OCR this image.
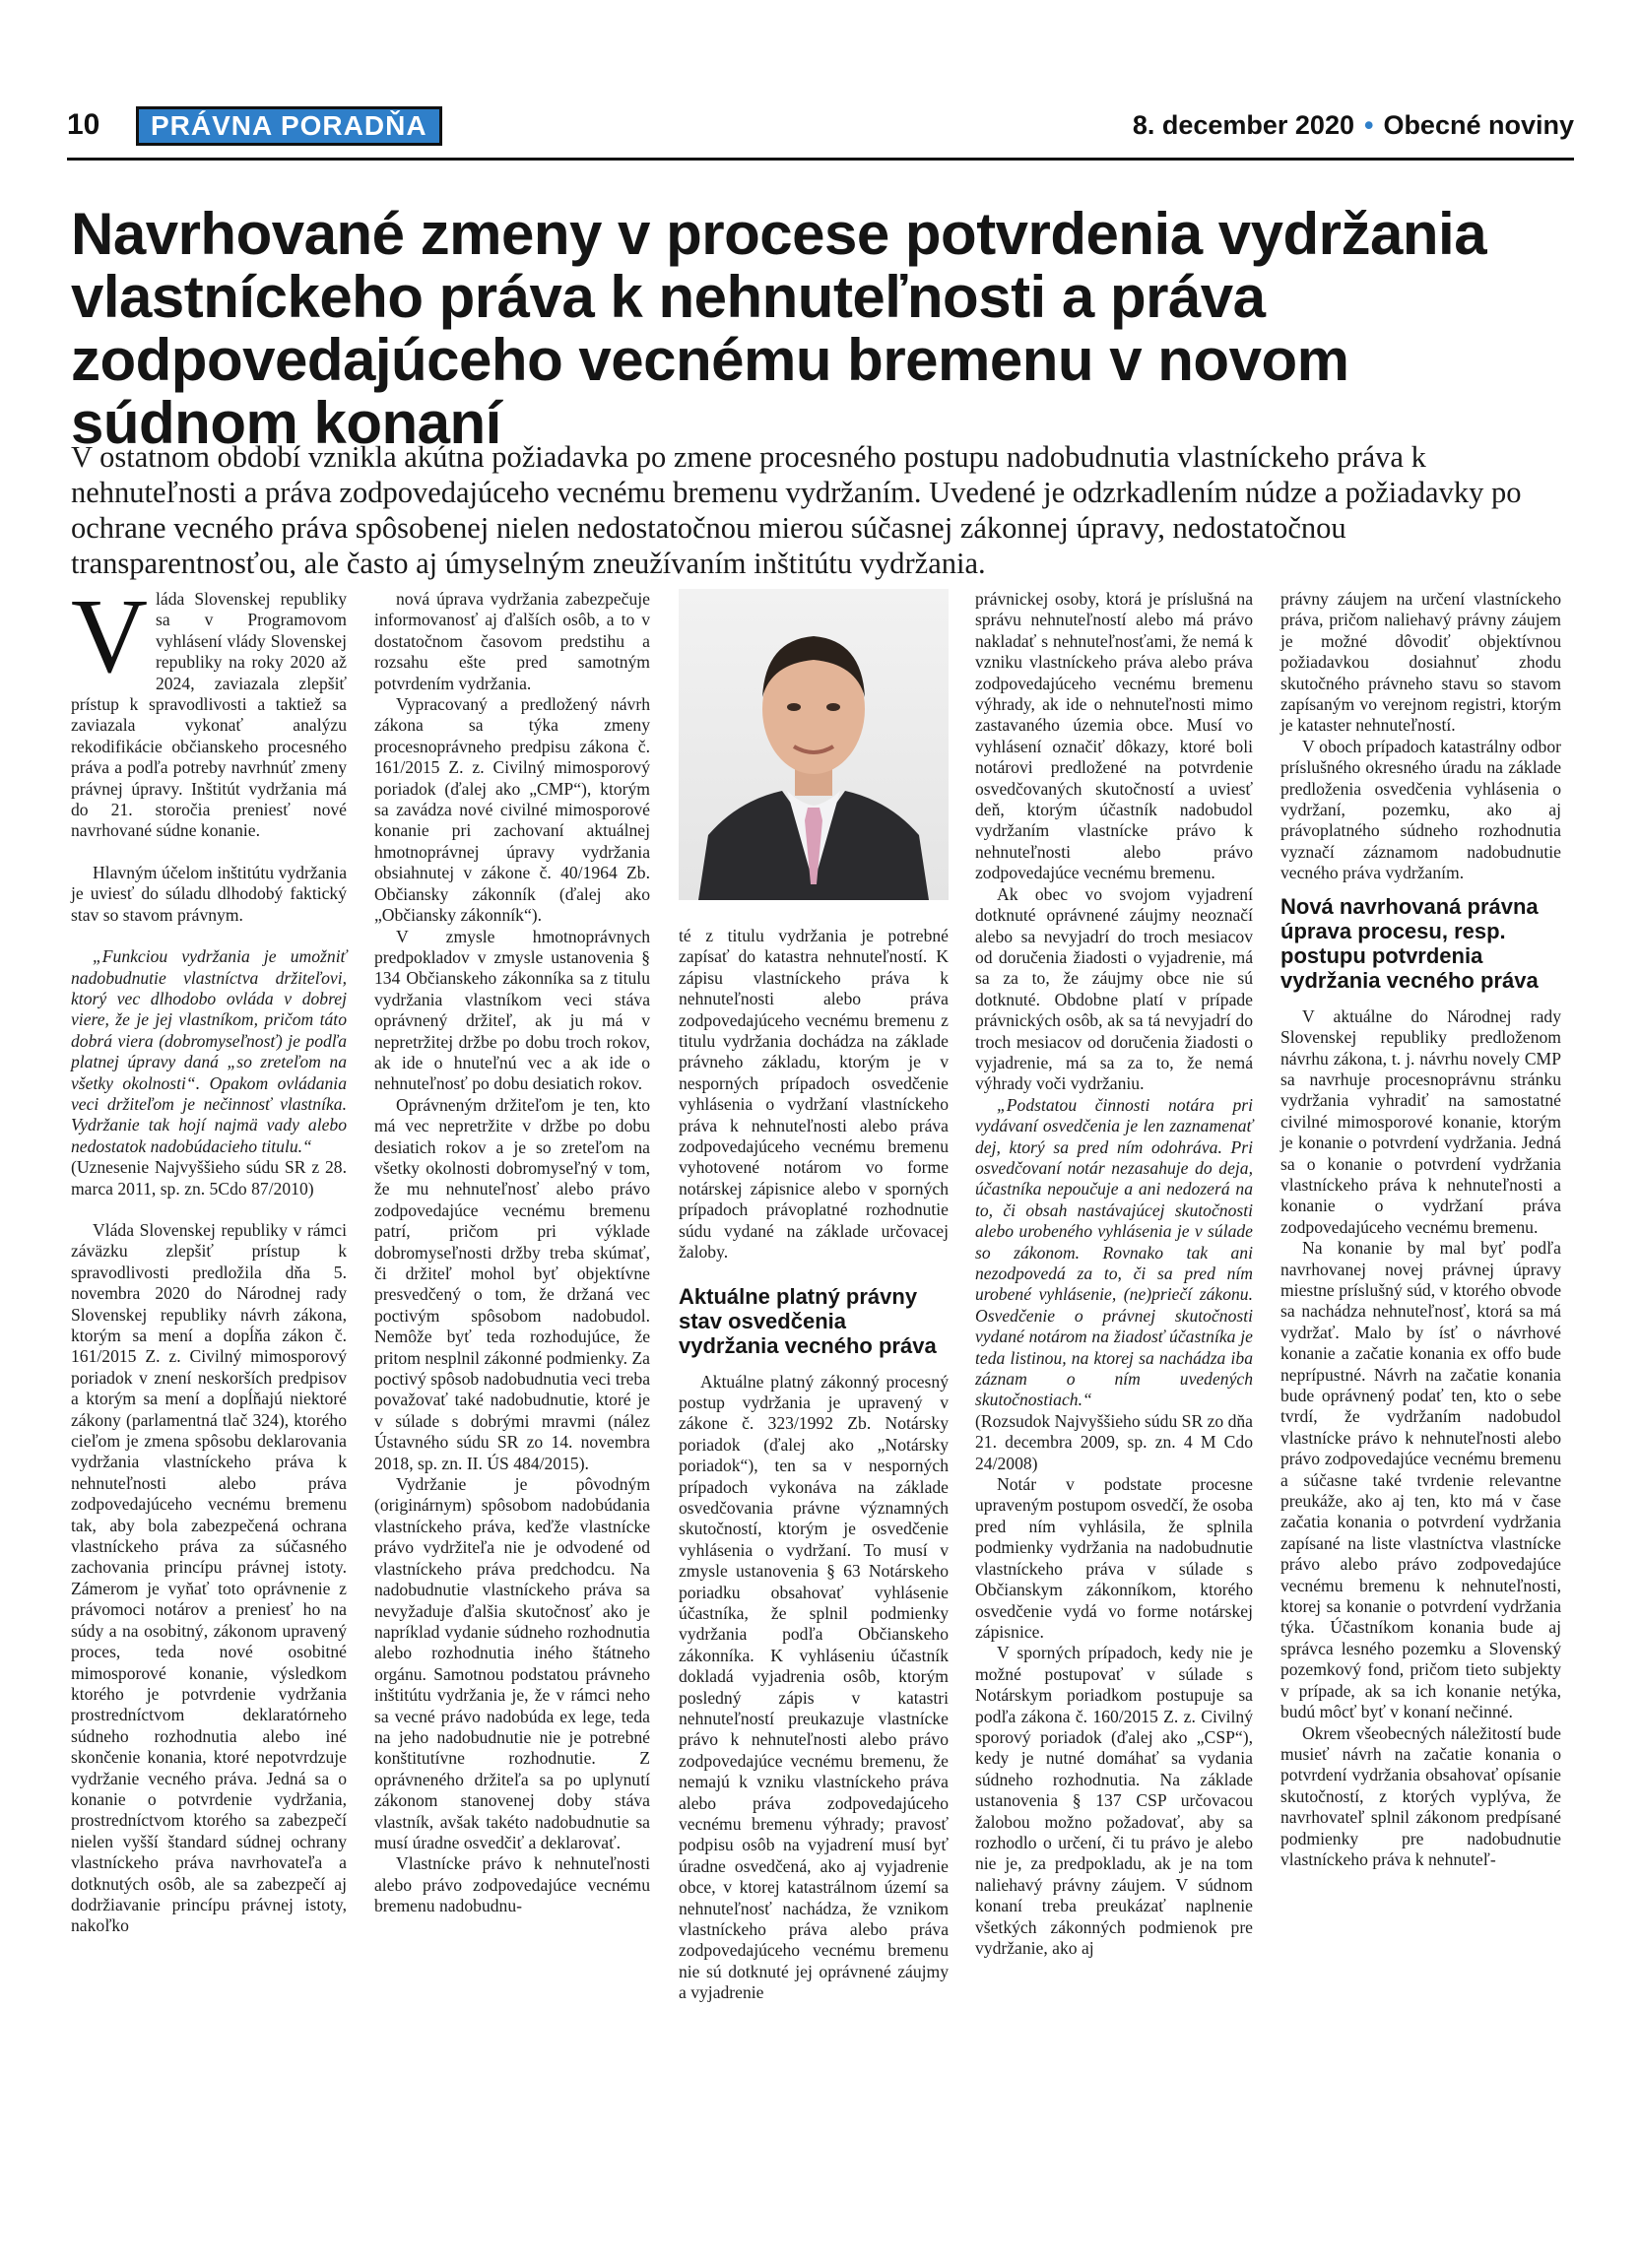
10	PRÁVNA PORADŇA	8. december 2020 • Obecné noviny
Navrhované zmeny v procese potvrdenia vydržania vlastníckeho práva k nehnuteľnosti a práva zodpovedajúceho vecnému bremenu v novom súdnom konaní

V ostatnom období vznikla akútna požiadavka po zmene procesného postupu nadobudnutia vlastníckeho práva k nehnuteľnosti a práva zodpovedajúceho vecnému bremenu vydržaním. Uvedené je odzrkadlením núdze a požiadavky po ochrane vecného práva spôsobenej nielen nedostatočnou mierou súčasnej zákonnej úpravy, nedostatočnou transparentnosťou, ale často aj úmyselným zneužívaním inštitútu vydržania.

Vláda Slovenskej republiky sa v Programovom vyhlásení vlády Slovenskej republiky na roky 2020 až 2024, zaviazala zlepšiť prístup k spravodlivosti a taktiež sa zaviazala vykonať analýzu rekodifikácie občianskeho procesného práva a podľa potreby navrhnúť zmeny právnej úpravy. Inštitút vydržania má do 21. storočia preniesť nové navrhované súdne konanie.

Hlavným účelom inštitútu vydržania je uviesť do súladu dlhodobý faktický stav so stavom právnym.

„Funkciou vydržania je umožniť nadobudnutie vlastníctva držiteľovi, ktorý vec dlhodobo ovláda v dobrej viere, že je jej vlastníkom, pričom táto dobrá viera (dobromyseľnosť) je podľa platnej úpravy daná „so zreteľom na všetky okolnosti“. Opakom ovládania veci držiteľom je nečinnosť vlastníka. Vydržanie tak hojí najmä vady alebo nedostatok nadobúdacieho titulu.“

(Uznesenie Najvyššieho súdu SR z 28. marca 2011, sp. zn. 5Cdo 87/2010)

Vláda Slovenskej republiky v rámci záväzku zlepšiť prístup k spravodlivosti predložila dňa 5. novembra 2020 do Národnej rady Slovenskej republiky návrh zákona, ktorým sa mení a dopĺňa zákon č. 161/2015 Z. z. Civilný mimosporový poriadok v znení neskorších predpisov a ktorým sa mení a dopĺňajú niektoré zákony (parlamentná tlač 324), ktorého cieľom je zmena spôsobu deklarovania vydržania vlastníckeho práva k nehnuteľnosti alebo práva zodpovedajúceho vecnému bremenu tak, aby bola zabezpečená ochrana vlastníckeho práva za súčasného zachovania princípu právnej istoty. Zámerom je vyňať toto oprávnenie z právomoci notárov a preniesť ho na súdy a na osobitný, zákonom upravený proces, teda nové osobitné mimosporové konanie, výsledkom ktorého je potvrdenie vydržania prostredníctvom deklaratórneho súdneho rozhodnutia alebo iné skončenie konania, ktoré nepotvrdzuje vydržanie vecného práva. Jedná sa o konanie o potvrdenie vydržania, prostredníctvom ktorého sa zabezpečí nielen vyšší štandard súdnej ochrany vlastníckeho práva navrhovateľa a dotknutých osôb, ale sa zabezpečí aj dodržiavanie princípu právnej istoty, nakoľko

nová úprava vydržania zabezpečuje informovanosť aj ďalších osôb, a to v dostatočnom časovom predstihu a rozsahu ešte pred samotným potvrdením vydržania.

Vypracovaný a predložený návrh zákona sa týka zmeny procesnoprávneho predpisu zákona č. 161/2015 Z. z. Civilný mimosporový poriadok (ďalej ako „CMP“), ktorým sa zavádza nové civilné mimosporové konanie pri zachovaní aktuálnej hmotnoprávnej úpravy vydržania obsiahnutej v zákone č. 40/1964 Zb. Občiansky zákonník (ďalej ako „Občiansky zákonník“).

V zmysle hmotnoprávnych predpokladov v zmysle ustanovenia § 134 Občianskeho zákonníka sa z titulu vydržania vlastníkom veci stáva oprávnený držiteľ, ak ju má v nepretržitej držbe po dobu troch rokov, ak ide o hnuteľnú vec a ak ide o nehnuteľnosť po dobu desiatich rokov.

Oprávneným držiteľom je ten, kto má vec nepretržite v držbe po dobu desiatich rokov a je so zreteľom na všetky okolnosti dobromyseľný v tom, že mu nehnuteľnosť alebo právo zodpovedajúce vecnému bremenu patrí, pričom pri výklade dobromyseľnosti držby treba skúmať, či držiteľ mohol byť objektívne presvedčený o tom, že držaná vec poctivým spôsobom nadobudol. Nemôže byť teda rozhodujúce, že pritom nesplnil zákonné podmienky. Za poctivý spôsob nadobudnutia veci treba považovať také nadobudnutie, ktoré je v súlade s dobrými mravmi (nález Ústavného súdu SR zo 14. novembra 2018, sp. zn. II. ÚS 484/2015).

Vydržanie je pôvodným (originárnym) spôsobom nadobúdania vlastníckeho práva, keďže vlastnícke právo vydržiteľa nie je odvodené od vlastníckeho práva predchodcu. Na nadobudnutie vlastníckeho práva sa nevyžaduje ďalšia skutočnosť ako je napríklad vydanie súdneho rozhodnutia alebo rozhodnutia iného štátneho orgánu. Samotnou podstatou právneho inštitútu vydržania je, že v rámci neho sa vecné právo nadobúda ex lege, teda na jeho nadobudnutie nie je potrebné konštitutívne rozhodnutie. Z oprávneného držiteľa sa po uplynutí zákonom stanovenej doby stáva vlastník, avšak takéto nadobudnutie sa musí úradne osvedčiť a deklarovať.

Vlastnícke právo k nehnuteľnosti alebo právo zodpovedajúce vecnému bremenu nadobudnu-

té z titulu vydržania je potrebné zapísať do katastra nehnuteľností. K zápisu vlastníckeho práva k nehnuteľnosti alebo práva zodpovedajúceho vecnému bremenu z titulu vydržania dochádza na základe právneho základu, ktorým je v nesporných prípadoch osvedčenie vyhlásenia o vydržaní vlastníckeho práva k nehnuteľnosti alebo práva zodpovedajúceho vecnému bremenu vyhotovené notárom vo forme notárskej zápisnice alebo v sporných prípadoch právoplatné rozhodnutie súdu vydané na základe určovacej žaloby.

Aktuálne platný právny stav osvedčenia vydržania vecného práva

Aktuálne platný zákonný procesný postup vydržania je upravený v zákone č. 323/1992 Zb. Notársky poriadok (ďalej ako „Notársky poriadok“), ten sa v nesporných prípadoch vykonáva na základe osvedčovania právne významných skutočností, ktorým je osvedčenie vyhlásenia o vydržaní. To musí v zmysle ustanovenia § 63 Notárskeho poriadku obsahovať vyhlásenie účastníka, že splnil podmienky vydržania podľa Občianskeho zákonníka. K vyhláseniu účastník dokladá vyjadrenia osôb, ktorým posledný zápis v katastri nehnuteľností preukazuje vlastnícke právo k nehnuteľnosti alebo právo zodpovedajúce vecnému bremenu, že nemajú k vzniku vlastníckeho práva alebo práva zodpovedajúceho vecnému bremenu výhrady; pravosť podpisu osôb na vyjadrení musí byť úradne osvedčená, ako aj vyjadrenie obce, v ktorej katastrálnom území sa nehnuteľnosť nachádza, že vznikom vlastníckeho práva alebo práva zodpovedajúceho vecnému bremenu nie sú dotknuté jej oprávnené záujmy a vyjadrenie

právnickej osoby, ktorá je príslušná na správu nehnuteľností alebo má právo nakladať s nehnuteľnosťami, že nemá k vzniku vlastníckeho práva alebo práva zodpovedajúceho vecnému bremenu výhrady, ak ide o nehnuteľnosti mimo zastavaného územia obce. Musí vo vyhlásení označiť dôkazy, ktoré boli notárovi predložené na potvrdenie osvedčovaných skutočností a uviesť deň, ktorým účastník nadobudol vydržaním vlastnícke právo k nehnuteľnosti alebo právo zodpovedajúce vecnému bremenu.

Ak obec vo svojom vyjadrení dotknuté oprávnené záujmy neoznačí alebo sa nevyjadrí do troch mesiacov od doručenia žiadosti o vyjadrenie, má sa za to, že záujmy obce nie sú dotknuté. Obdobne platí v prípade právnických osôb, ak sa tá nevyjadrí do troch mesiacov od doručenia žiadosti o vyjadrenie, má sa za to, že nemá výhrady voči vydržaniu.

„Podstatou činnosti notára pri vydávaní osvedčenia je len zaznamenať dej, ktorý sa pred ním odohráva. Pri osvedčovaní notár nezasahuje do deja, účastníka nepoučuje a ani nedozerá na to, či obsah nastávajúcej skutočnosti alebo urobeného vyhlásenia je v súlade so zákonom. Rovnako tak ani nezodpovedá za to, či sa pred ním urobené vyhlásenie, (ne)priečí zákonu. Osvedčenie o právnej skutočnosti vydané notárom na žiadosť účastníka je teda listinou, na ktorej sa nachádza iba záznam o ním uvedených skutočnostiach.“

(Rozsudok Najvyššieho súdu SR zo dňa 21. decembra 2009, sp. zn. 4 M Cdo 24/2008)

Notár v podstate procesne upraveným postupom osvedčí, že osoba pred ním vyhlásila, že splnila podmienky vydržania na nadobudnutie vlastníckeho práva v súlade s Občianskym zákonníkom, ktorého osvedčenie vydá vo forme notárskej zápisnice.

V sporných prípadoch, kedy nie je možné postupovať v súlade s Notárskym poriadkom postupuje sa podľa zákona č. 160/2015 Z. z. Civilný sporový poriadok (ďalej ako „CSP“), kedy je nutné domáhať sa vydania súdneho rozhodnutia. Na základe ustanovenia § 137 CSP určovacou žalobou možno požadovať, aby sa rozhodlo o určení, či tu právo je alebo nie je, za predpokladu, ak je na tom naliehavý právny záujem. V súdnom konaní treba preukázať naplnenie všetkých zákonných podmienok pre vydržanie, ako aj

právny záujem na určení vlastníckeho práva, pričom naliehavý právny záujem je možné dôvodiť objektívnou požiadavkou dosiahnuť zhodu skutočného právneho stavu so stavom zapísaným vo verejnom registri, ktorým je kataster nehnuteľností.

V oboch prípadoch katastrálny odbor príslušného okresného úradu na základe predloženia osvedčenia vyhlásenia o vydržaní, pozemku, ako aj právoplatného súdneho rozhodnutia vyznačí záznamom nadobudnutie vecného práva vydržaním.

Nová navrhovaná právna úprava procesu, resp. postupu potvrdenia vydržania vecného práva

V aktuálne do Národnej rady Slovenskej republiky predloženom návrhu zákona, t. j. návrhu novely CMP sa navrhuje procesnoprávnu stránku vydržania vyhradiť na samostatné civilné mimosporové konanie, ktorým je konanie o potvrdení vydržania. Jedná sa o konanie o potvrdení vydržania vlastníckeho práva k nehnuteľnosti a konanie o vydržaní práva zodpovedajúceho vecnému bremenu.

Na konanie by mal byť podľa navrhovanej novej právnej úpravy miestne príslušný súd, v ktorého obvode sa nachádza nehnuteľnosť, ktorá sa má vydržať. Malo by ísť o návrhové konanie a začatie konania ex offo bude neprípustné. Návrh na začatie konania bude oprávnený podať ten, kto o sebe tvrdí, že vydržaním nadobudol vlastnícke právo k nehnuteľnosti alebo právo zodpovedajúce vecnému bremenu a súčasne také tvrdenie relevantne preukáže, ako aj ten, kto má v čase začatia konania o potvrdení vydržania zapísané na liste vlastníctva vlastnícke právo alebo právo zodpovedajúce vecnému bremenu k nehnuteľnosti, ktorej sa konanie o potvrdení vydržania týka. Účastníkom konania bude aj správca lesného pozemku a Slovenský pozemkový fond, pričom tieto subjekty v prípade, ak sa ich konanie netýka, budú môcť byť v konaní nečinné.

Okrem všeobecných náležitostí bude musieť návrh na začatie konania o potvrdení vydržania obsahovať opísanie skutočností, z ktorých vyplýva, že navrhovateľ splnil zákonom predpísané podmienky pre nadobudnutie vlastníckeho práva k nehnuteľ-
